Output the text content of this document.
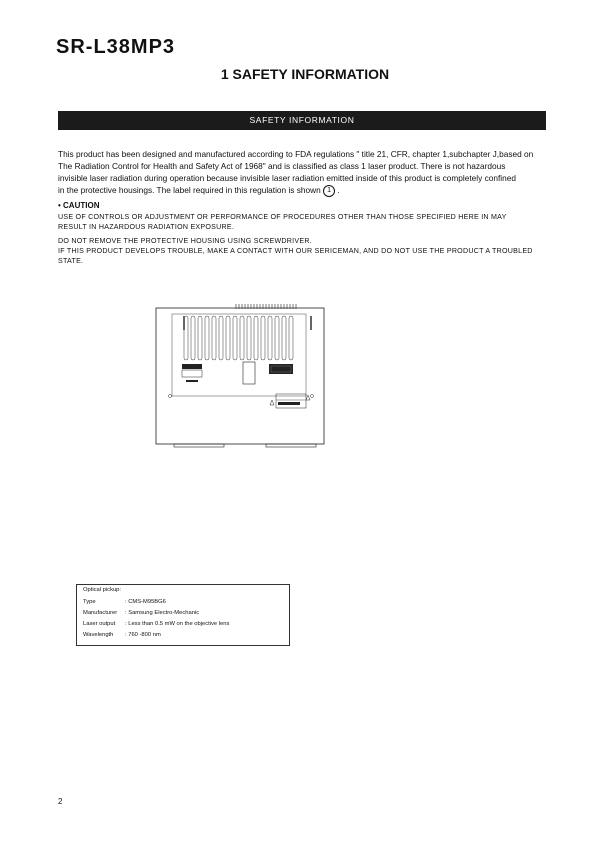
SR-L38MP3
1 SAFETY INFORMATION
SAFETY INFORMATION
This product has been designed and manufactured according to FDA regulations " title 21, CFR, chapter 1,subchapter J,based on
The Radiation Control for Health and Safety Act of 1968" and is classified as class 1 laser product. There is not hazardous
invisible laser radiation during operation because invisible laser radiation emitted inside of this product is completely confined
in the protective housings. The label required in this regulation is shown 1 .
• CAUTION
USE OF CONTROLS OR ADJUSTMENT OR PERFORMANCE OF PROCEDURES OTHER THAN THOSE SPECIFIED HERE IN MAY
RESULT IN HAZARDOUS RADIATION EXPOSURE.
DO NOT REMOVE THE PROTECTIVE HOUSING USING SCREWDRIVER.
IF THIS PRODUCT DEVELOPS TROUBLE, MAKE A CONTACT WITH OUR SERICEMAN, AND DO NOT USE THE PRODUCT A TROUBLED
STATE.
Optical pickup:
Type	: CMS-M95BG6
Manufacturer : Samsung Electro-Mechanic
Laser output : Less than 0.5 mW on the objective lens
Wavelength : 760 -800 nm
2
